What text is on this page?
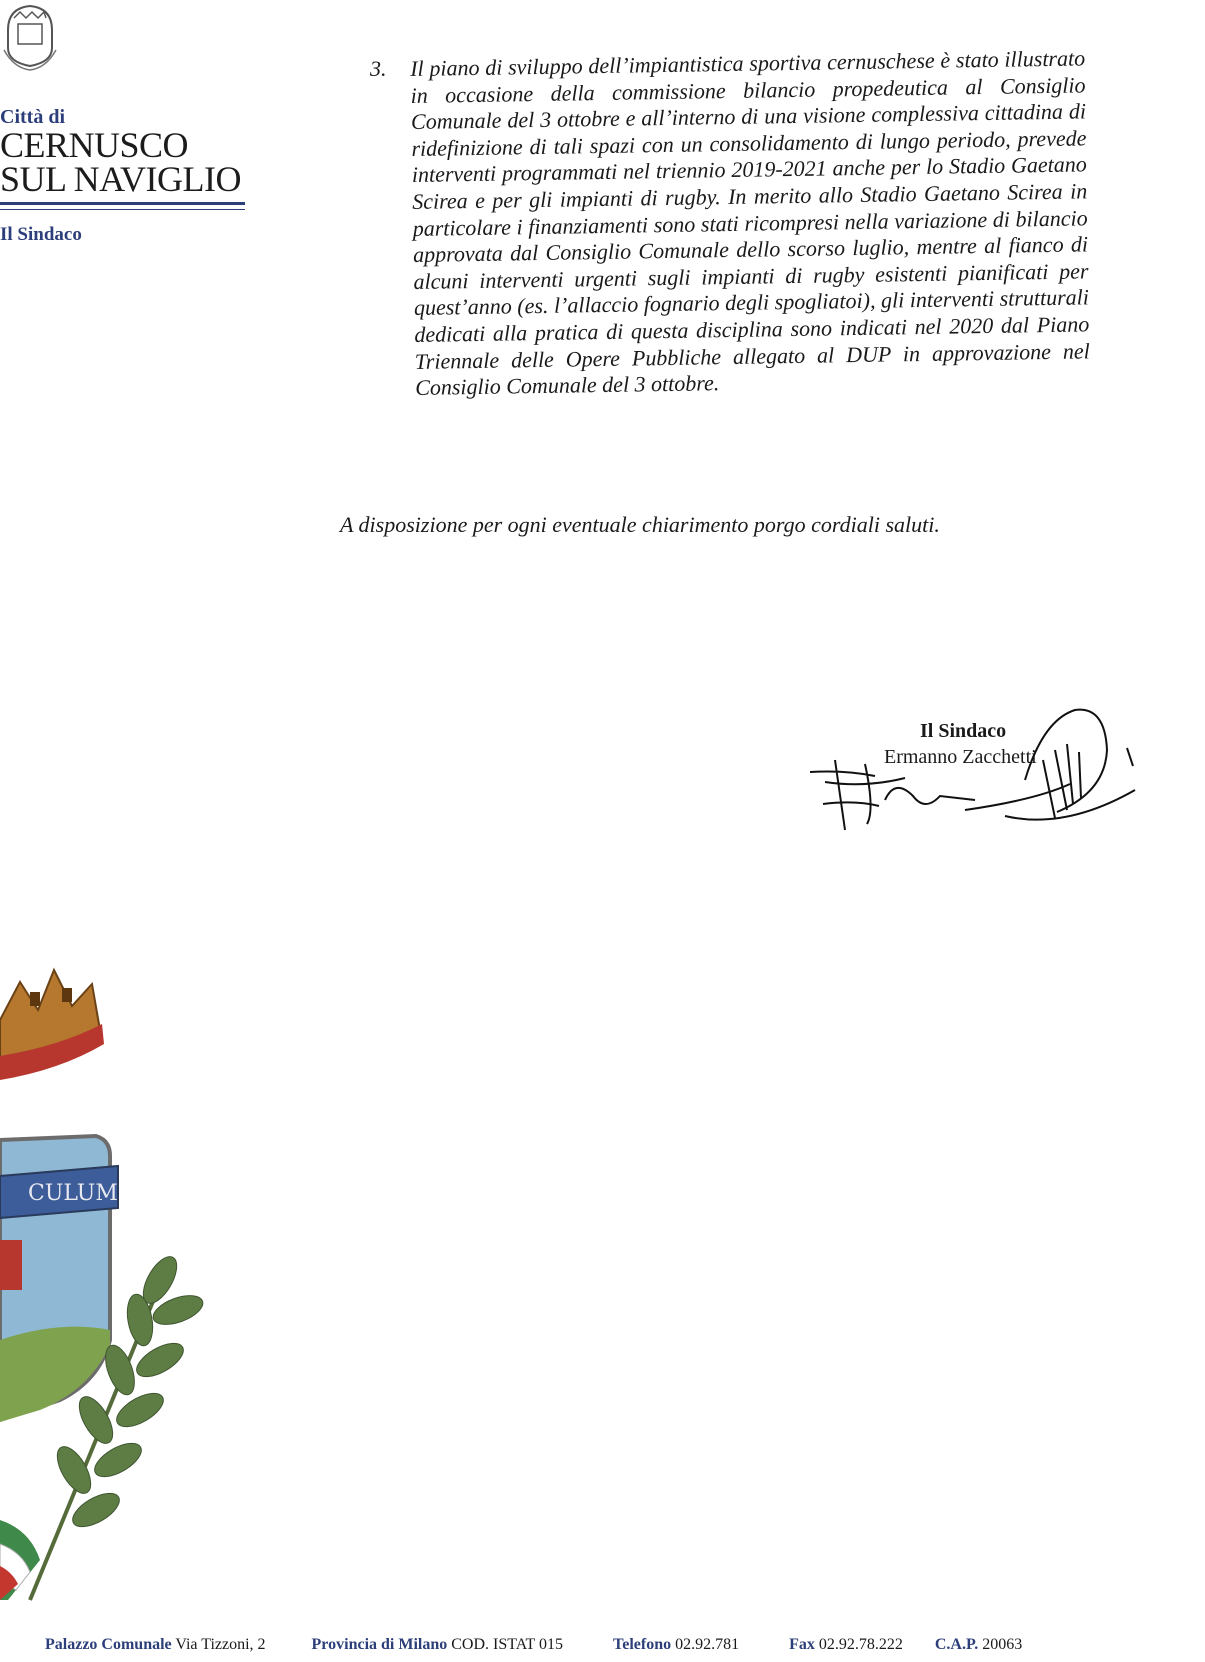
Città di
CERNUSCO
SUL NAVIGLIO
Il Sindaco
3. Il piano di sviluppo dell’impiantistica sportiva cernuschese è stato illustrato in occasione della commissione bilancio propedeutica al Consiglio Comunale del 3 ottobre e all’interno di una visione complessiva cittadina di ridefinizione di tali spazi con un consolidamento di lungo periodo, prevede interventi programmati nel triennio 2019-2021 anche per lo Stadio Gaetano Scirea e per gli impianti di rugby. In merito allo Stadio Gaetano Scirea in particolare i finanziamenti sono stati ricompresi nella variazione di bilancio approvata dal Consiglio Comunale dello scorso luglio, mentre al fianco di alcuni interventi urgenti sugli impianti di rugby esistenti pianificati per quest’anno (es. l’allaccio fognario degli spogliatoi), gli interventi strutturali dedicati alla pratica di questa disciplina sono indicati nel 2020 dal Piano Triennale delle Opere Pubbliche allegato al DUP in approvazione nel Consiglio Comunale del 3 ottobre.
A disposizione per ogni eventuale chiarimento porgo cordiali saluti.
Il Sindaco
Ermanno Zacchetti
CULUM
Palazzo Comunale Via Tizzoni, 2	Provincia di Milano COD. ISTAT 015	Telefono 02.92.781	Fax 02.92.78.222 C.A.P. 20063
